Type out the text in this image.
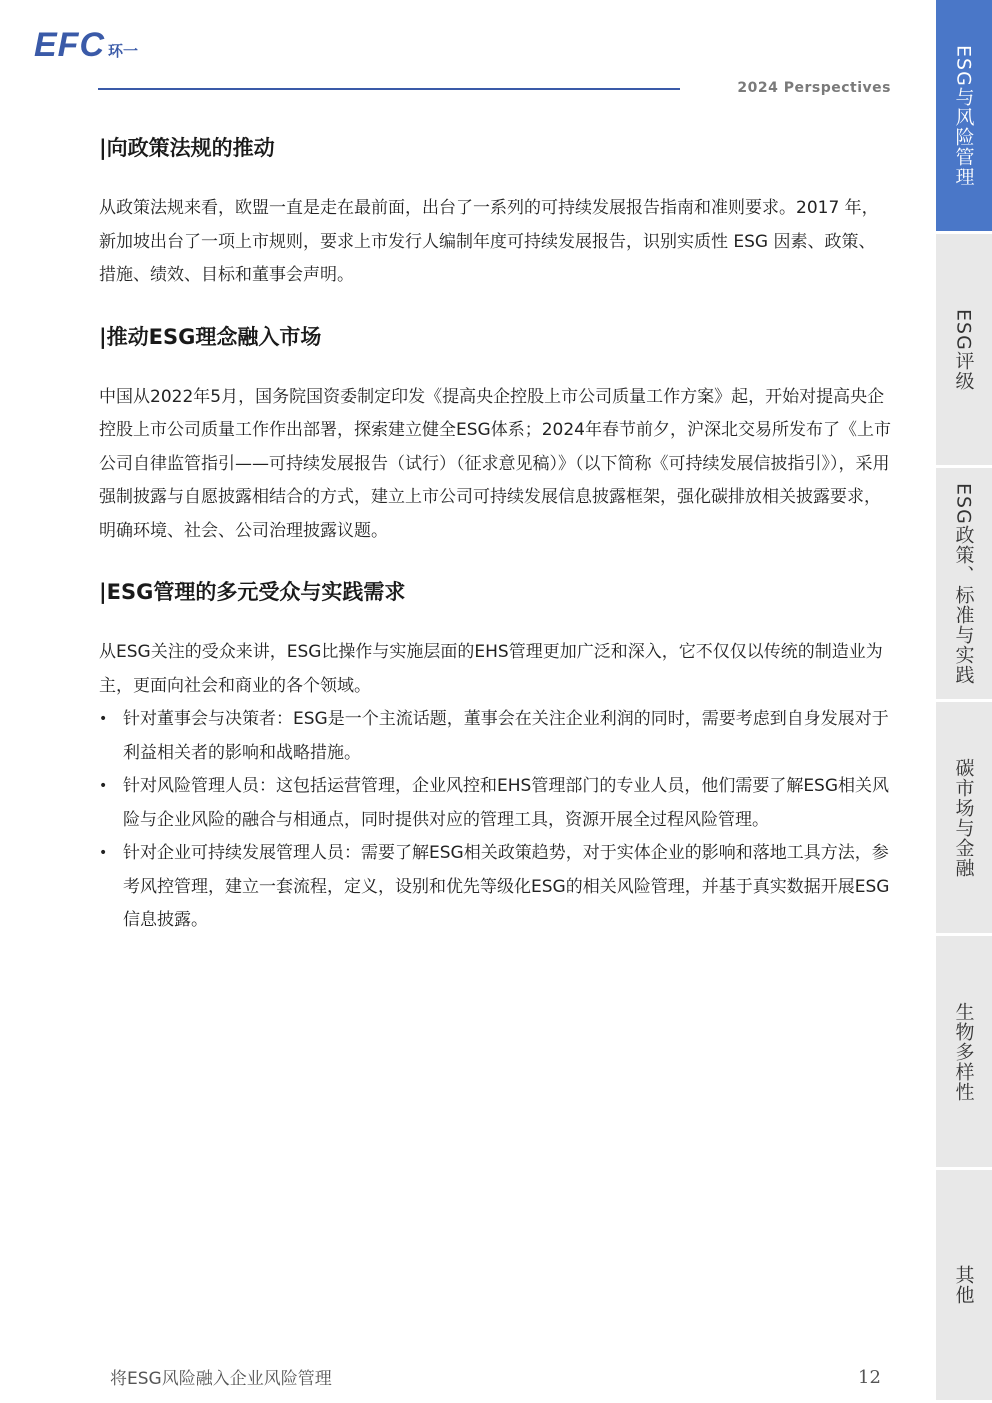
EFC 环一
2024 Perspectives
|向政策法规的推动

从政策法规来看，欧盟一直是走在最前面，出台了一系列的可持续发展报告指南和准则要求。2017 年，新加坡出台了一项上市规则，要求上市发行人编制年度可持续发展报告，识别实质性 ESG 因素、政策、措施、绩效、目标和董事会声明。

|推动ESG理念融入市场

中国从2022年5月，国务院国资委制定印发《提高央企控股上市公司质量工作方案》起，开始对提高央企控股上市公司质量工作作出部署，探索建立健全ESG体系；2024年春节前夕，沪深北交易所发布了《上市公司自律监管指引——可持续发展报告（试行）（征求意见稿）》（以下简称《可持续发展信披指引》），采用强制披露与自愿披露相结合的方式，建立上市公司可持续发展信息披露框架，强化碳排放相关披露要求，明确环境、社会、公司治理披露议题。

|ESG管理的多元受众与实践需求

从ESG关注的受众来讲，ESG比操作与实施层面的EHS管理更加广泛和深入，它不仅仅以传统的制造业为主，更面向社会和商业的各个领域。

• 针对董事会与决策者：ESG是一个主流话题，董事会在关注企业利润的同时，需要考虑到自身发展对于利益相关者的影响和战略措施。
• 针对风险管理人员：这包括运营管理，企业风控和EHS管理部门的专业人员，他们需要了解ESG相关风险与企业风险的融合与相通点，同时提供对应的管理工具，资源开展全过程风险管理。
• 针对企业可持续发展管理人员：需要了解ESG相关政策趋势，对于实体企业的影响和落地工具方法，参考风控管理，建立一套流程，定义，设别和优先等级化ESG的相关风险管理，并基于真实数据开展ESG信息披露。
ESG与风险管理
ESG评级
ESG政策、标准与实践
碳市场与金融
生物多样性
其他
将ESG风险融入企业风险管理	12
